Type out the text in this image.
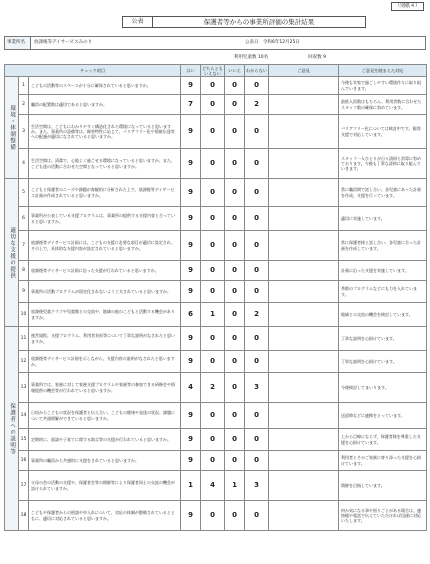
（別紙４）
公表	保護者等からの事業所評価の集計結果
事業所名	放課後等デイサービスみのり	公表日　令和6年12月25日
利用児童数 10名	回収数 9
チェック項目			はい	どちらともいえない	いいえ	わからない	ご意見	ご意見を踏まえた対応
環境・体制整備	1	こどもの活動等のスペースが十分に確保されていると思いますか。	9	0	0	0		今後も実家で過ごしやすい環境作りに取り組んでいきます。
	2	職員の配置数は適切であると思いますか。	7	0	0	2		最低人員数はもちろん、利用者数に合わせたスタッフ数の確保に努めています。
	3	生活空間は、こどもにわかりやすく構造化された環境になっていると思いますか。また、事業所の設備等は、障害特性に応じて、バリアフリー化や情報伝達等への配慮が適切になされていると思いますか。	9	0	0	0		バリアフリー化については検討中です。個別支援で対応しています。
	4	生活空間は、清潔で、心地よく過ごせる環境になっていると思いますか。また、こども達の活動に合わせた空間となっていると思いますか。	9	0	0	0		スタッフ一人ひとりが日々清掃と消毒に努めております。今後も丁寧な清掃に取り組んでいきます。
適切な支援の提供	5	こどもと保護者のニーズや課題が客観的に分析された上で、放課後等デイサービス計画が作成されていると思いますか。	9	0	0	0		常に職員間で話し合い、各児童にあった計画を作成、支援を行っています。
	6	事業所が公表している支援プログラムは、事業所の提供する支援内容と合っていると思いますか。	9	0	0	0		適切に実施しています。
	7	放課後等デイサービス計画には、こどもの支援に必要な項目が適切に設定され、その上で、具体的な支援内容が設定されていると思いますか。	9	0	0	0		常に保護者様と話し合い、各児童に合った計画を作成しています。
	8	放課後等デイサービス計画に沿った支援が行われていると思いますか。	9	0	0	0		計画に沿った支援を実施しています。
	9	事業所の活動プログラムが固定化されないよう工夫されていると思いますか。	9	0	0	0		季節のプログラムなどにも力を入れています。
	10	放課後児童クラブや児童館との交流や、地域の他のこどもと活動する機会がありますか。	6	1	0	2		地域との交流の機会を検討しています。
保護者への説明等	11	運営規程、支援プログラム、利用者負担等について丁寧な説明がなされたと思いますか。	9	0	0	0		丁寧な説明を心掛けています。
	12	放課後等デイサービス計画を示しながら、支援内容の説明がなされたと思いますか。	9	0	0	0		丁寧な説明を心掛けています。
	13	事業所では、家族に対して家族支援プログラムや家族等の参加できる研修会や情報提供の機会等が行われていると思いますか。	4	2	0	3		今後検討してまいります。
	14	日頃からこどもの状況を保護者と伝え合い、こどもの健康や発達の状況、課題について共通理解ができていると思いますか。	9	0	0	0		送迎時などに連携をとっています。
	15	定期的に、面談や子育てに関する助言等の支援が行われていると思いますか。	9	0	0	0		上から目線にならず、保護者様を尊重した支援を心掛けています。
	16	事業所の職員から共感的に支援をされていると思いますか。	9	0	0	0		利用者とそのご家族に寄り添った支援を心掛けています。
	17	父母の会の活動の支援や、保護者会等の開催等により保護者同士の交流の機会が設けられていますか。	1	4	1	3		開催を目指しています。
	18	こどもや保護者からの相談や申入れについて、対応の体制が整備されているとともに、適切に対応されていると思いますか。	9	0	0	0		何か気になる事や困りごとがある場合は、連絡帳や電話で伝えていただければ迅速に対応いたします。
